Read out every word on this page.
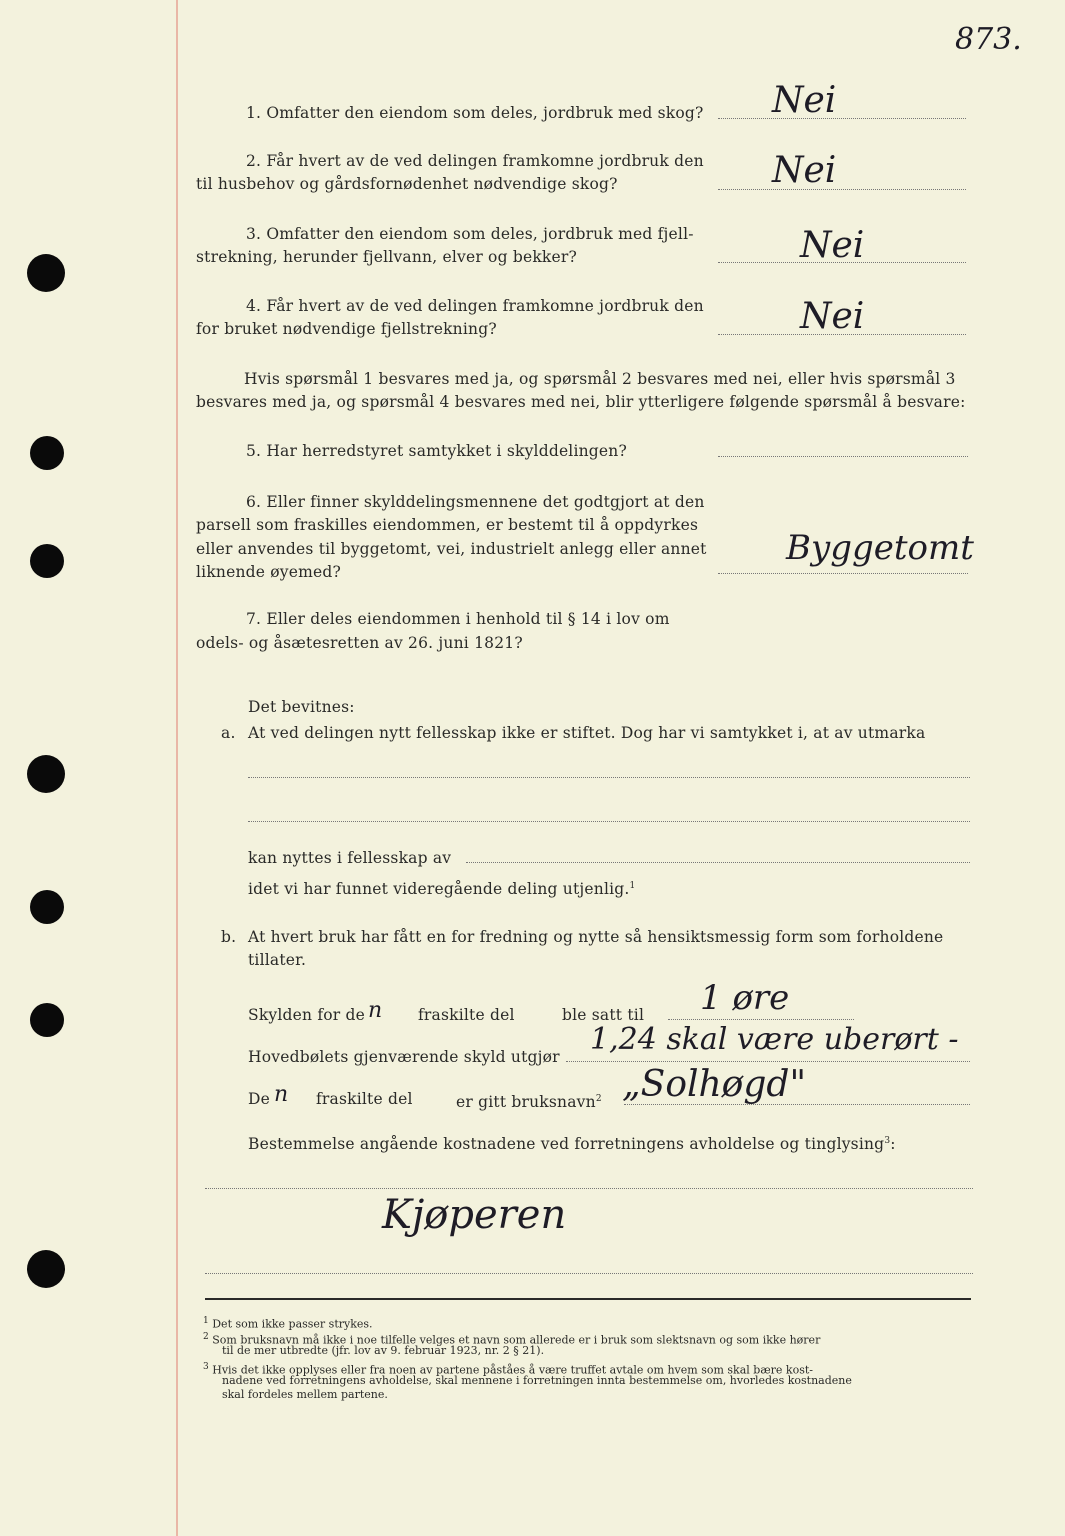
873.
1. Omfatter den eiendom som deles, jordbruk med skog? Nei
2. Får hvert av de ved delingen framkomne jordbruk den
til husbehov og gårdsfornødenhet nødvendige skog?	Nei
3. Omfatter den eiendom som deles, jordbruk med fjell-
strekning, herunder fjellvann, elver og bekker?	Nei
4. Får hvert av de ved delingen framkomne jordbruk den
for bruket nødvendige fjellstrekning?	Nei
Hvis spørsmål 1 besvares med ja, og spørsmål 2 besvares med nei, eller hvis spørsmål 3
besvares med ja, og spørsmål 4 besvares med nei, blir ytterligere følgende spørsmål å besvare:
5. Har herredstyret samtykket i skylddelingen?
6. Eller finner skylddelingsmennene det godtgjort at den
parsell som fraskilles eiendommen, er bestemt til å oppdyrkes
eller anvendes til byggetomt, vei, industrielt anlegg eller annet
liknende øyemed?
Byggetomt
7. Eller deles eiendommen i henhold til § 14 i lov om
odels- og åsætesretten av 26. juni 1821?
Det bevitnes:
a. At ved delingen nytt fellesskap ikke er stiftet. Dog har vi samtykket i, at av utmarka
kan nyttes i fellesskap av
idet vi har funnet videregående deling utjenlig.$^1$
b. At hvert bruk har fått en for fredning og nytte så hensiktsmessig form som forholdene
tillater.
Skylden for de n fraskilte del	ble satt til 1 øre
Hovedbølets gjenværende skyld utgjør 1,24 skal være uberørt -
De n fraskilte del	er gitt bruksnavn$^2$ „Solhøgd"
Bestemmelse angående kostnadene ved forretningens avholdelse og tinglysing$^3$:
Kjøperen
$^1$ Det som ikke passer strykes.
$^2$ Som bruksnavn må ikke i noe tilfelle velges et navn som allerede er i bruk som slektsnavn og som ikke hører
til de mer utbredte (jfr. lov av 9. februar 1923, nr. 2 § 21).
$^3$ Hvis det ikke opplyses eller fra noen av partene påståes å være truffet avtale om hvem som skal bære kost-
nadene ved forretningens avholdelse, skal mennene i forretningen innta bestemmelse om, hvorledes kostnadene
skal fordeles mellem partene.
